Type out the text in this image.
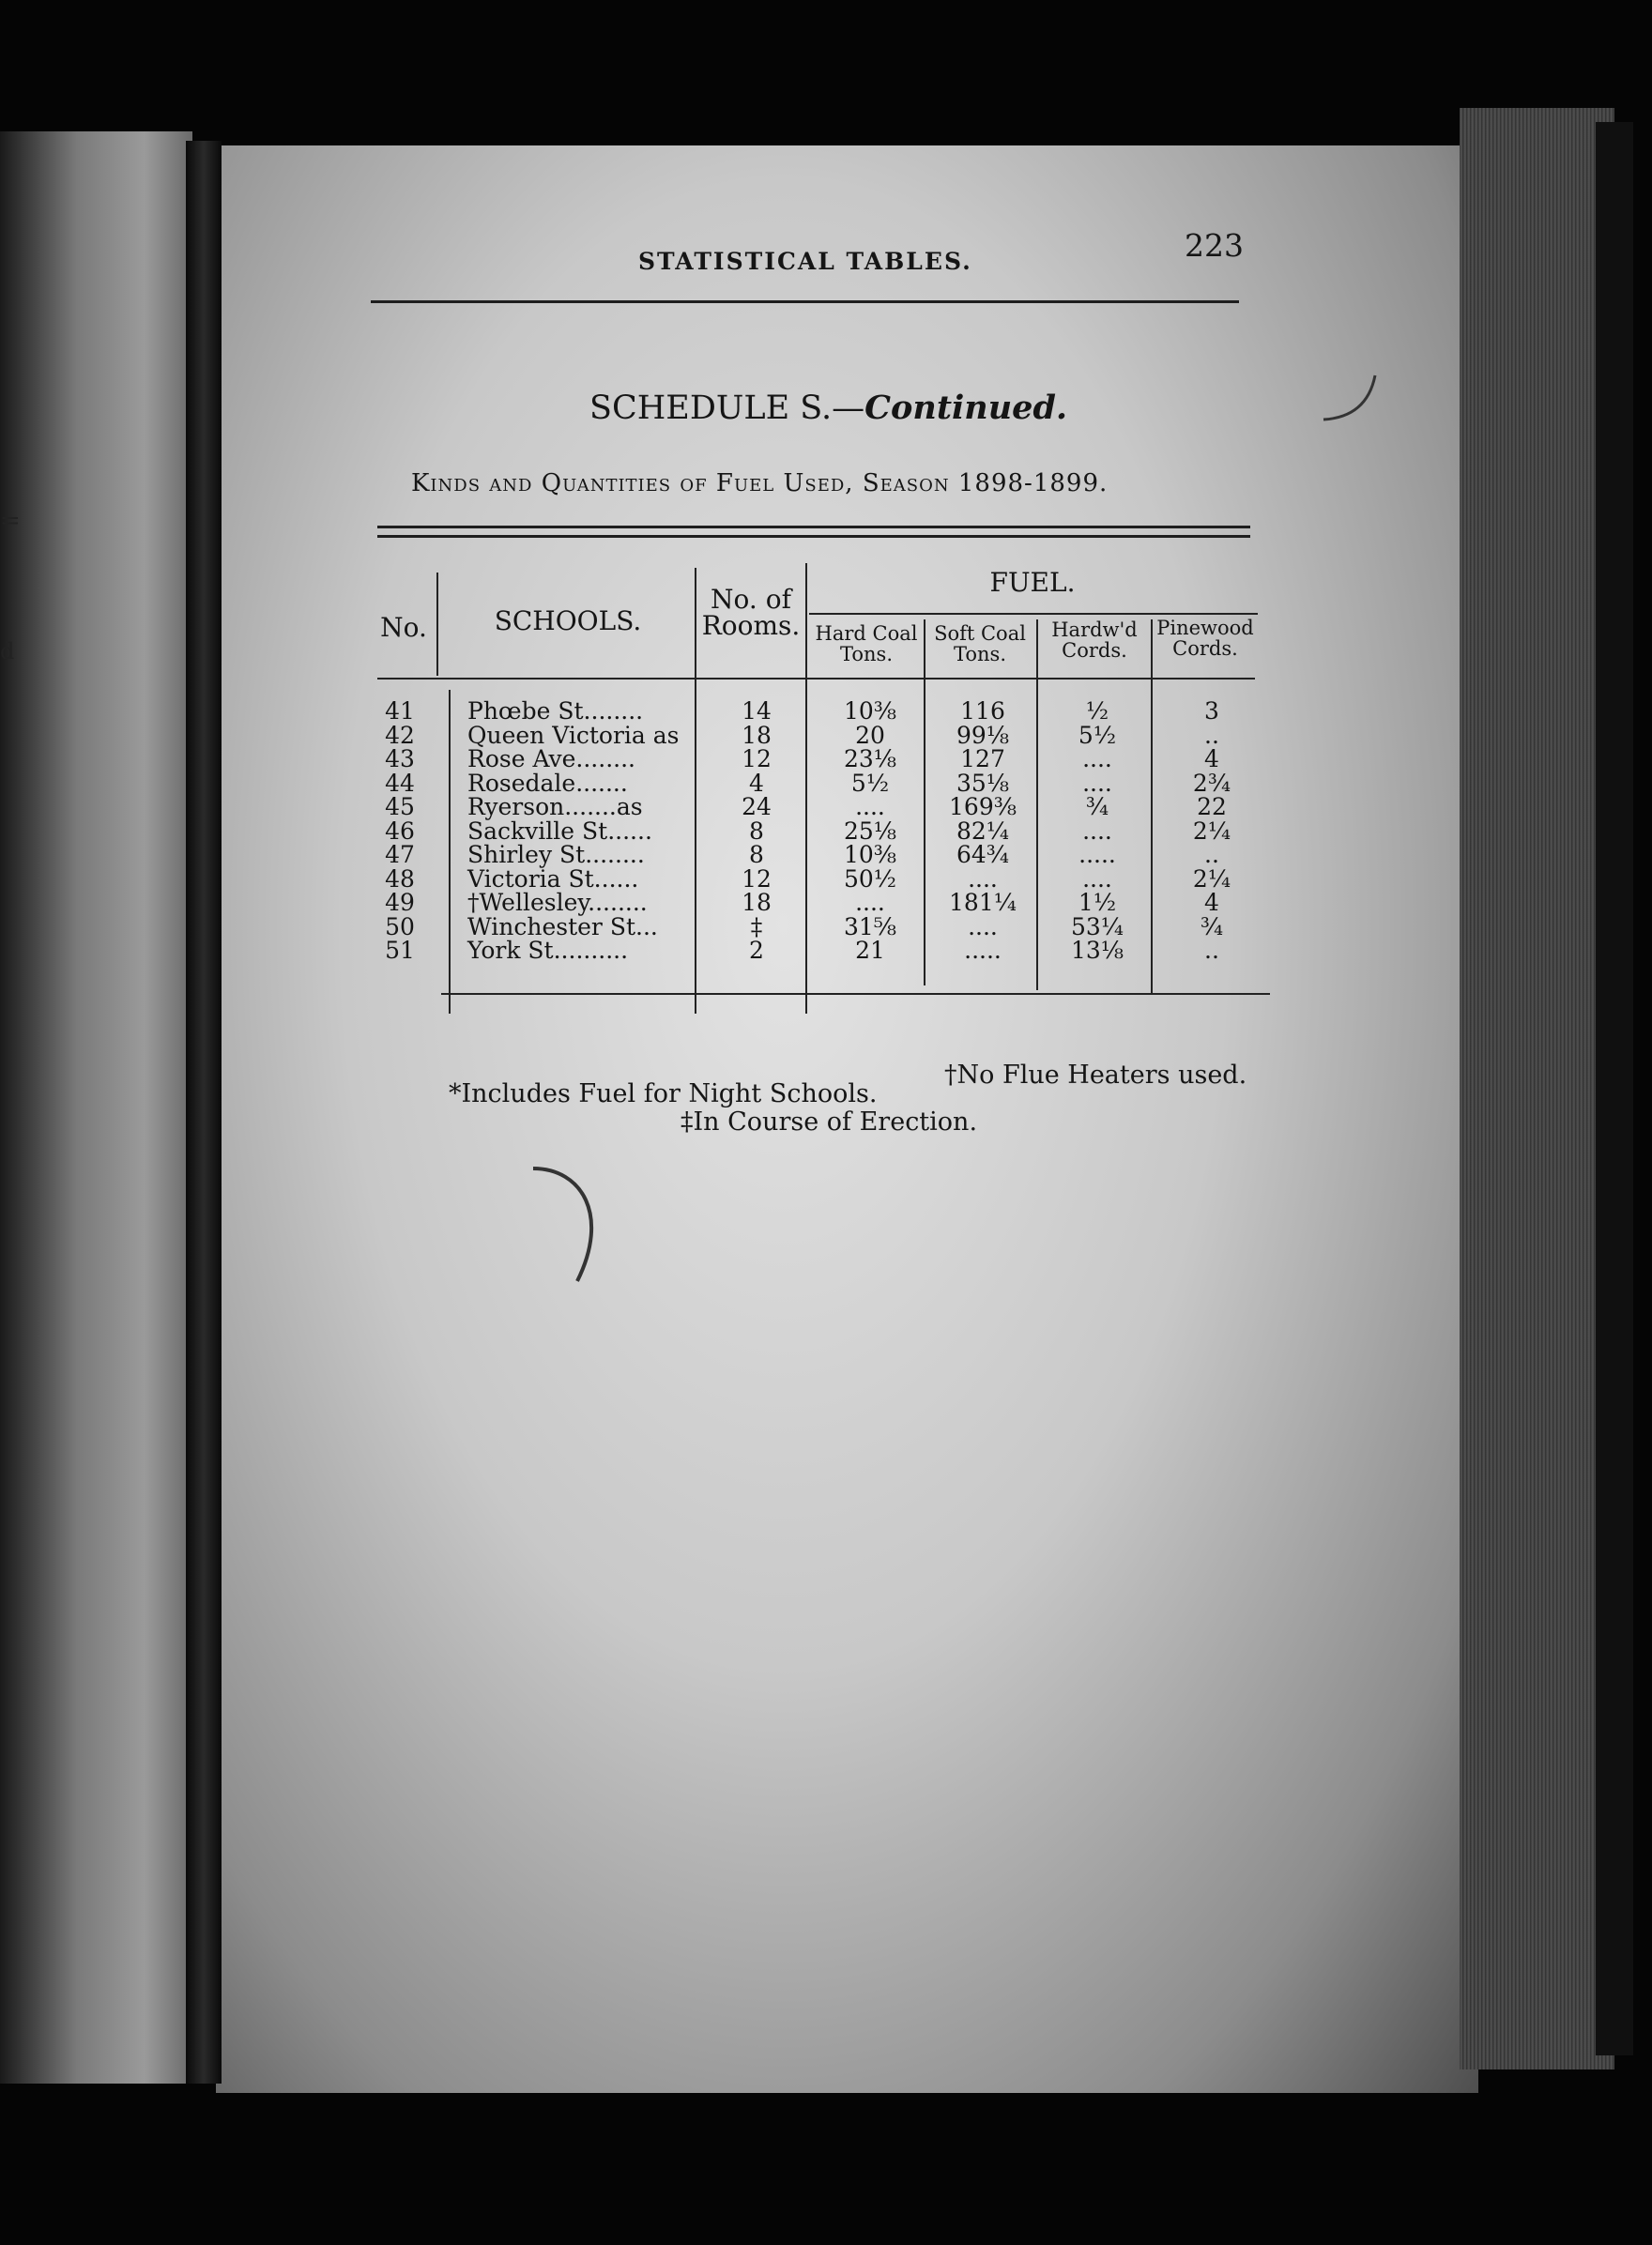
=
d
STATISTICAL TABLES.	223
SCHEDULE S.—Continued.
Kinds and Quantities of Fuel Used, Season 1898-1899.
No.	SCHOOLS.
No. of
Rooms.
FUEL.
Hard Coal
Tons.
Soft Coal
Tons.
Hardw'd
Cords.
Pinewood
Cords.
41	Phœbe St........	14	10⅜	116	½	3
42	Queen Victoria as	18	20	99⅛	5½	..
43	Rose Ave........	12	23⅛	127	....	4
44	Rosedale.......	4	5½	35⅛	....	2¾
45	Ryerson.......as	24	....	169⅜	¾	22
46	Sackville St......	8	25⅛	82¼	....	2¼
47	Shirley St........	8	10⅜	64¾	.....	..
48	Victoria St......	12	50½	....	....	2¼
49	†Wellesley........	18	....	181¼	1½	4
50	Winchester St...	‡	31⅝	....	53¼	¾
51	York St..........	2	21	.....	13⅛	..
*Includes Fuel for Night Schools.
†No Flue Heaters used.
‡In Course of Erection.
